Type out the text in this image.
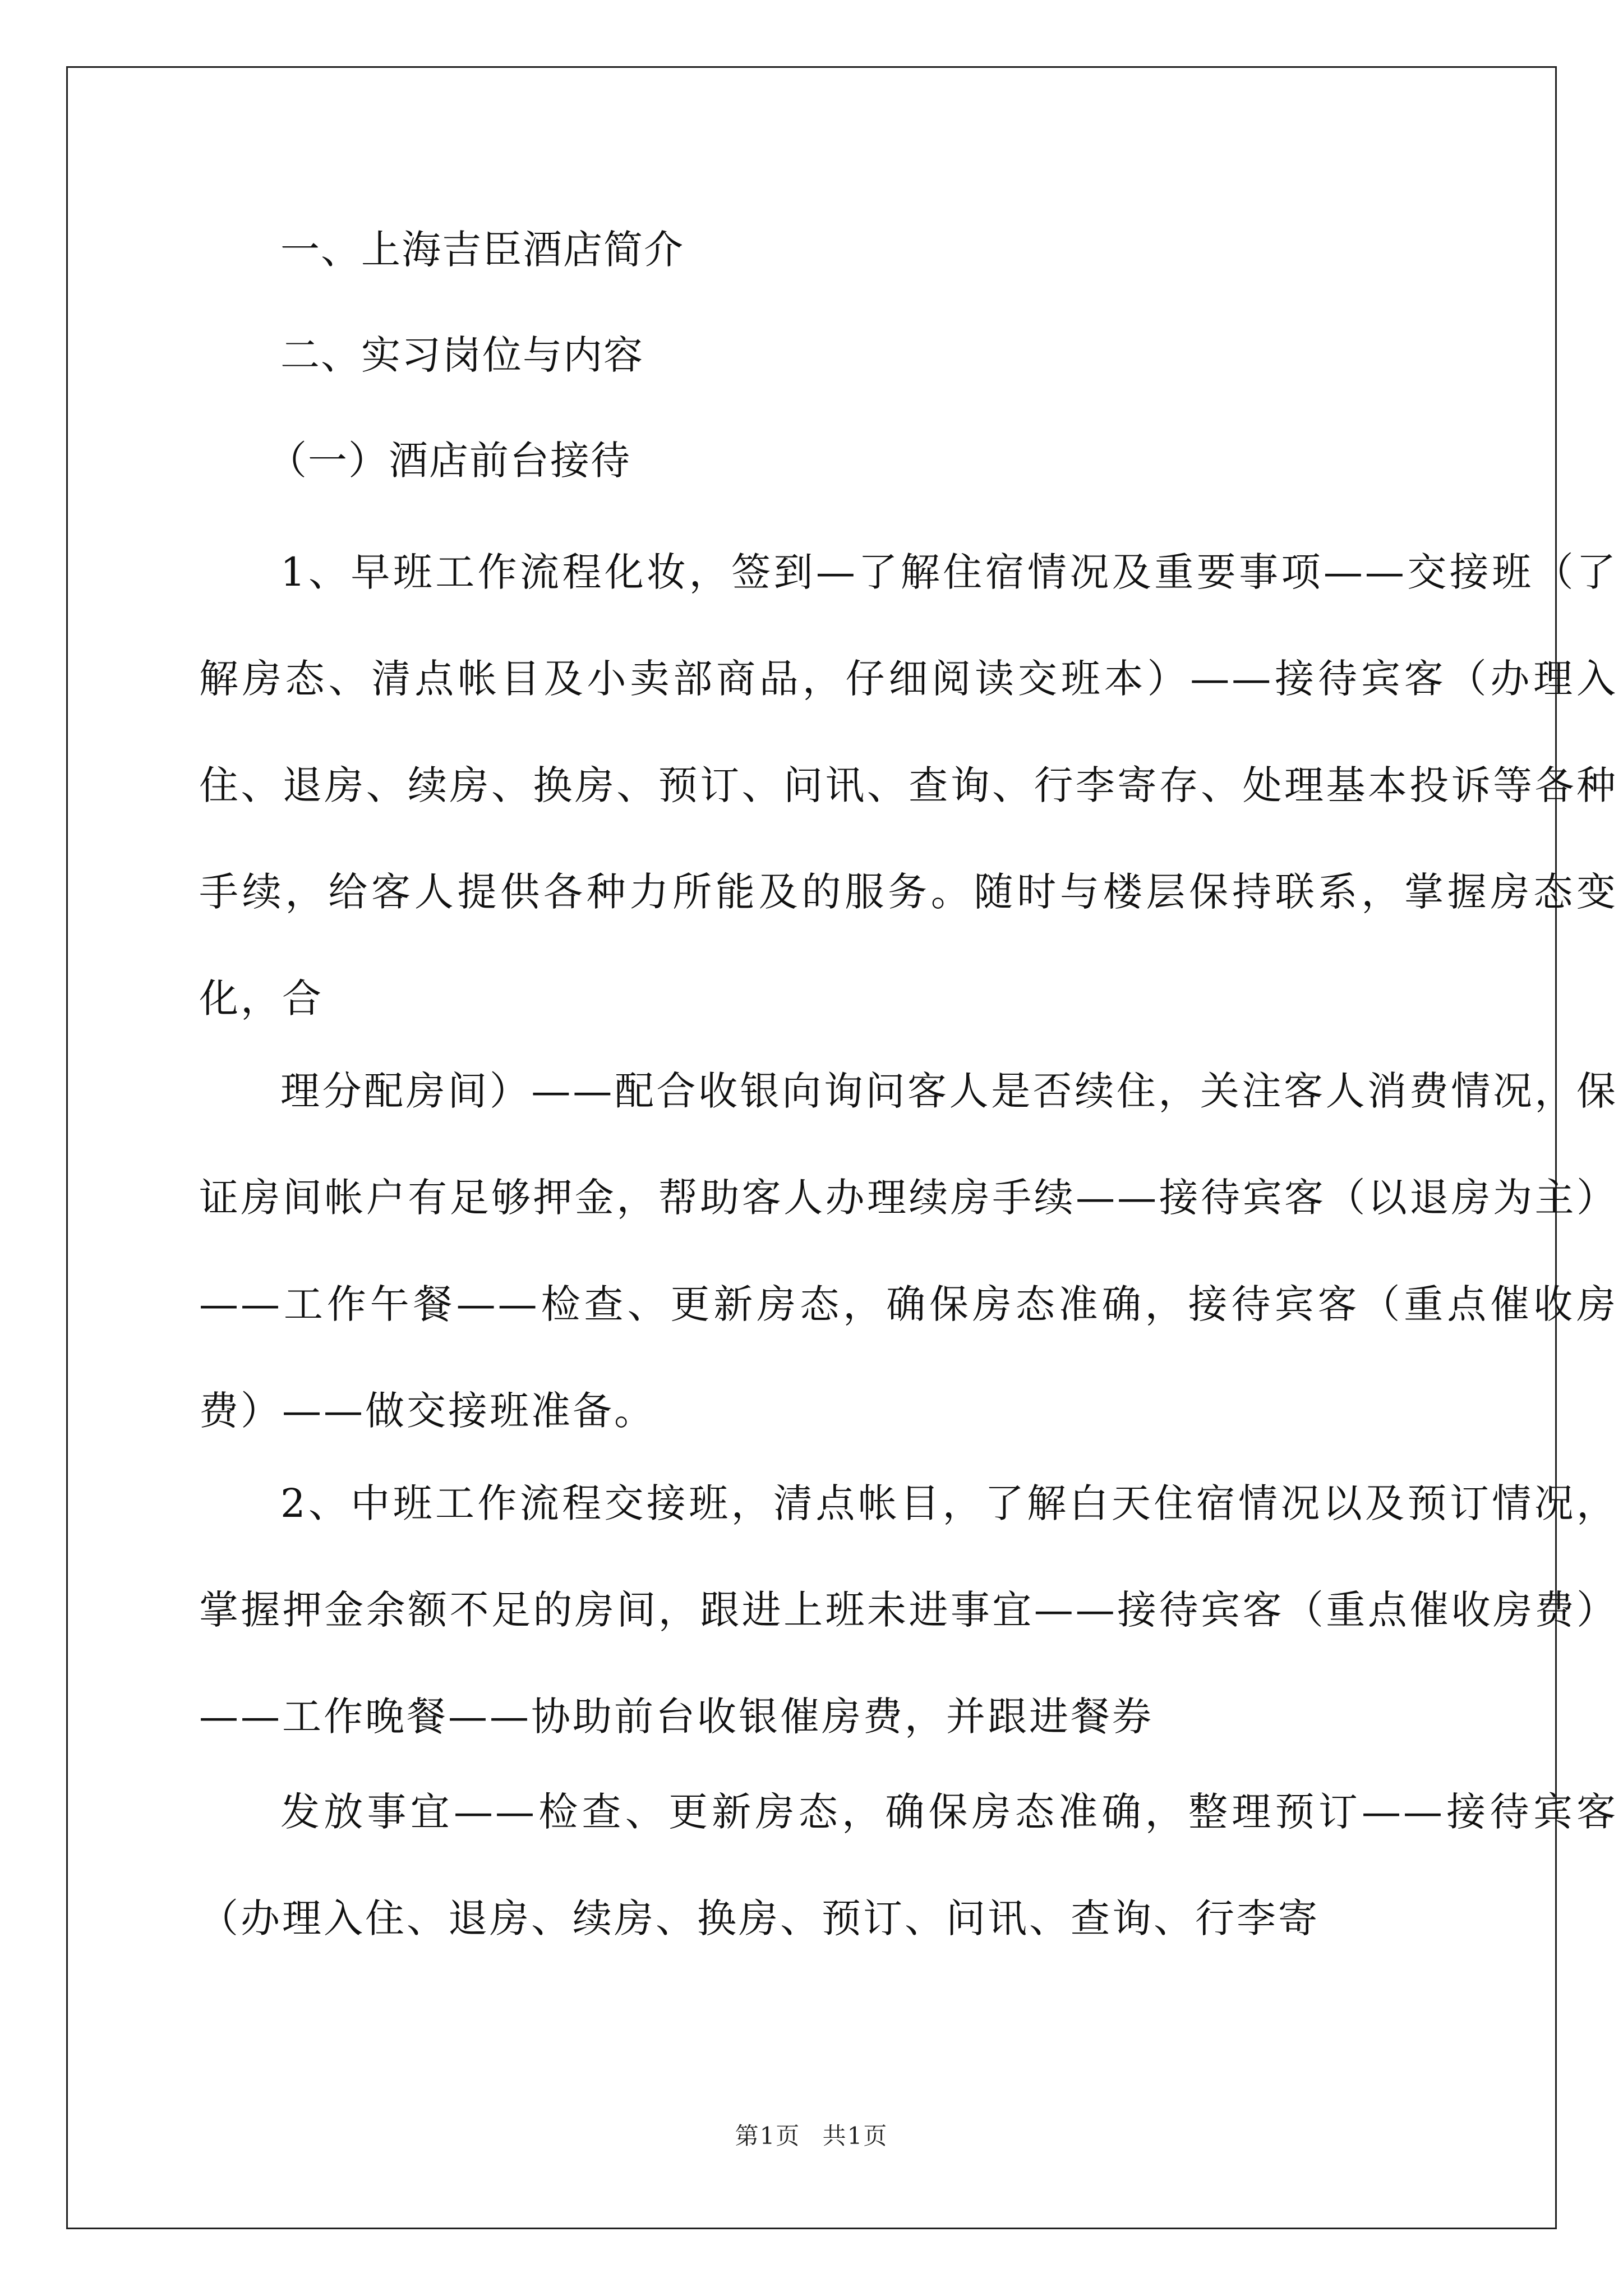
一、上海吉臣酒店简介
二、实习岗位与内容
（一）酒店前台接待

1、早班工作流程化妆，签到—了解住宿情况及重要事项——交接班（了解房态、清点帐目及小卖部商品，仔细阅读交班本）——接待宾客（办理入住、退房、续房、换房、预订、问讯、查询、行李寄存、处理基本投诉等各种手续，给客人提供各种力所能及的服务。随时与楼层保持联系，掌握房态变化，合

理分配房间）——配合收银向询问客人是否续住，关注客人消费情况，保证房间帐户有足够押金，帮助客人办理续房手续——接待宾客（以退房为主）——工作午餐——检查、更新房态，确保房态准确，接待宾客（重点催收房费）——做交接班准备。

2、中班工作流程交接班，清点帐目，了解白天住宿情况以及预订情况，掌握押金余额不足的房间，跟进上班未进事宜——接待宾客（重点催收房费）——工作晚餐——协助前台收银催房费，并跟进餐券

发放事宜——检查、更新房态，确保房态准确，整理预订——接待宾客（办理入住、退房、续房、换房、预订、问讯、查询、行李寄

第1页 共1页
